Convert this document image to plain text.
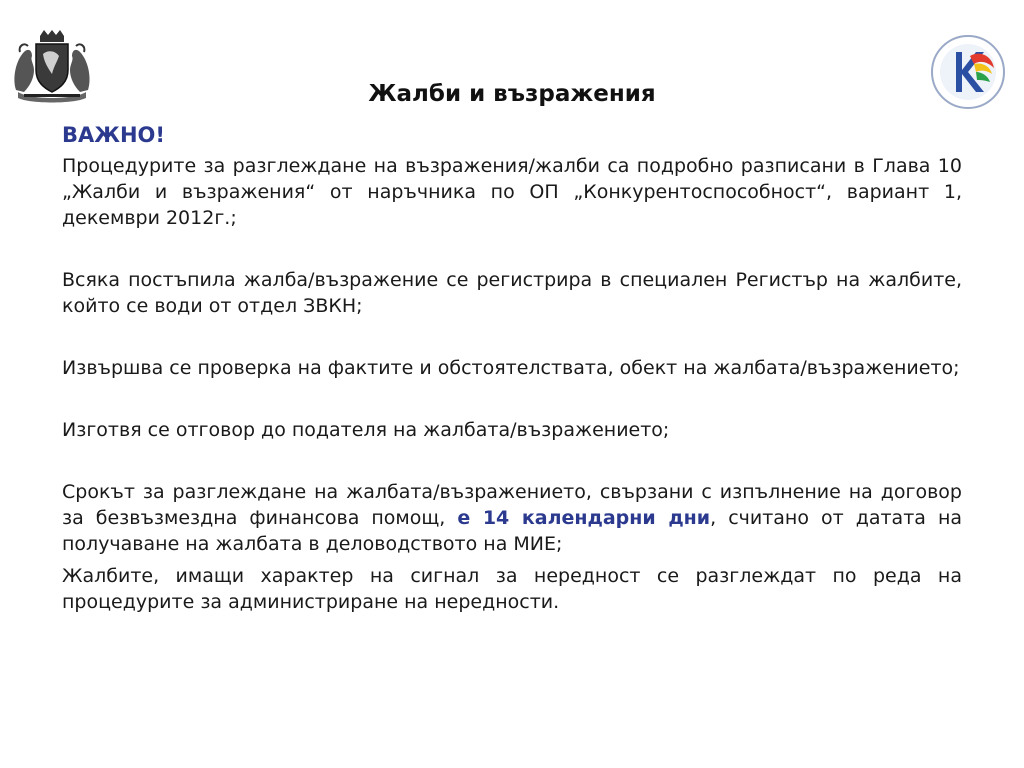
Жалби и възражения

ВАЖНО!

Процедурите за разглеждане на възражения/жалби са подробно разписани в Глава 10 „Жалби и възражения“ от наръчника по ОП „Конкурентоспособност“, вариант 1, декември 2012г.;

Всяка постъпила жалба/възражение се регистрира в специален Регистър на жалбите, който се води от отдел ЗВКН;

Извършва се проверка на фактите и обстоятелствата, обект на жалбата/възражението;

Изготвя се отговор до подателя на жалбата/възражението;

Срокът за разглеждане на жалбата/възражението, свързани с изпълнение на договор за безвъзмездна финансова помощ, е 14 календарни дни, считано от датата на получаване на жалбата в деловодството на МИЕ;

Жалбите, имащи характер на сигнал за нередност се разглеждат по реда на процедурите за администриране на нередности.
